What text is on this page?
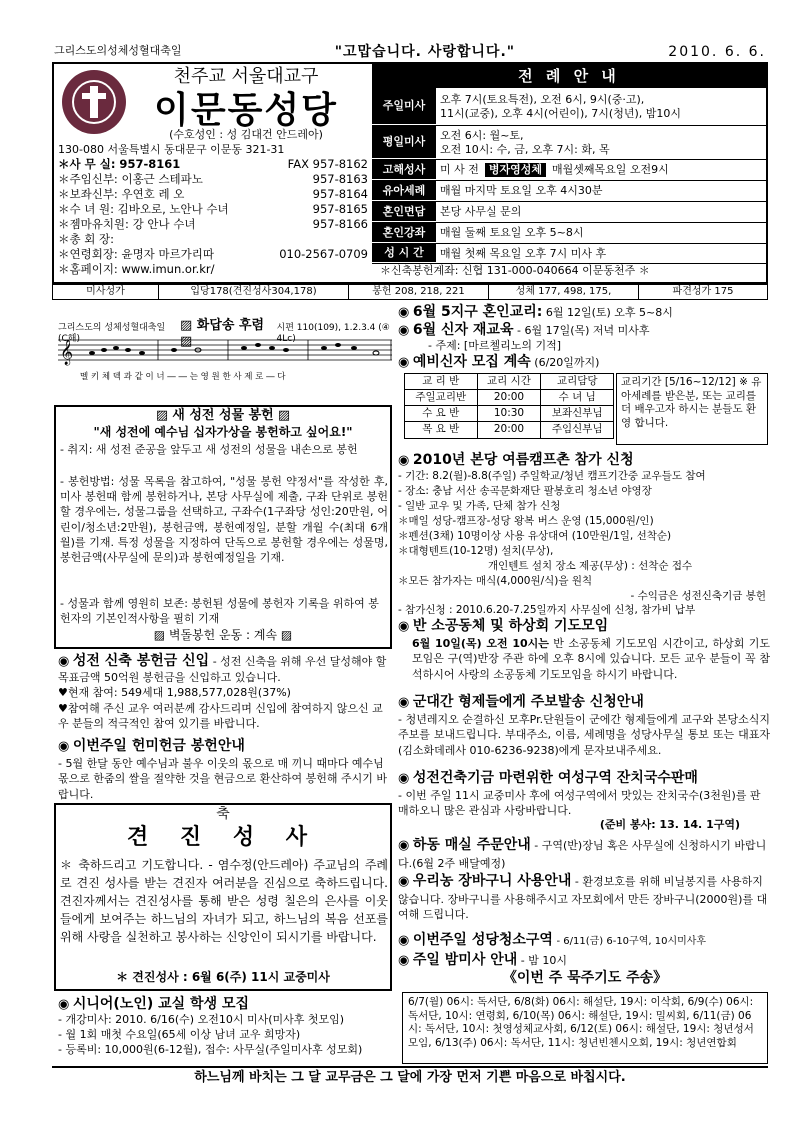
그리스도의성체성혈대축일	"고맙습니다. 사랑합니다."	2010. 6. 6.
천주교 서울대교구
이문동성당
(수호성인 : 성 김대건 안드레아)
130-080 서울특별시 동대문구 이문동 321-31
＊사 무 실: 957-8161	FAX 957-8162
＊주임신부: 이홍근 스테파노	957-8163
＊보좌신부: 우연호 레 오	957-8164
＊수 녀 원: 김바오로, 노안나 수녀	957-8165
＊젬마유치원: 강 안나 수녀	957-8166
＊총 회 장:
＊연령회장: 윤명자 마르가리따	010-2567-0709
＊홈페이지: www.imun.or.kr/
전 례 안 내
주일미사	오후 7시(토요특전), 오전 6시, 9시(중·고),
11시(교중), 오후 4시(어린이), 7시(청년), 밤10시
평일미사	오전 6시: 월~토,
오전 10시: 수, 금, 오후 7시: 화, 목
고해성사	미 사 전 병자영성체 매월셋째목요일 오전9시
유아세례	매월 마지막 토요일 오후 4시30분
혼인면담	본당 사무실 문의
혼인강좌	매월 둘째 토요일 오후 5~8시
성 시 간	매월 첫째 목요일 오후 7시 미사 후
＊신축봉헌계좌: 신협 131-000-040664 이문동천주 ＊
미사성가	입당178(견진성사304,178)	봉헌 208, 218, 221	성체 177, 498, 175,	파견성가 175
그리스도의 성체성혈대축일(C해)
▨ 화답송 후렴 ▨
시편 110(109), 1.2.3.4 (④ 4Lc)
𝄞
멜 키 체 덱 과 같 이 너 ― ― 는 영 원 한 사 제 로 ― 다
▨ 새 성전 성물 봉헌 ▨
"새 성전에 예수님 십자가상을 봉헌하고 싶어요!"
- 취지: 새 성전 준공을 앞두고 새 성전의 성물을 내손으로 봉헌
- 봉헌방법: 성물 목록을 참고하여, "성물 봉헌 약정서"를 작성한 후, 미사 봉헌때 함께 봉헌하거나, 본당 사무실에 제출, 구좌 단위로 봉헌할 경우에는, 성물그룹을 선택하고, 구좌수(1구좌당 성인:20만원, 어린이/청소년:2만원), 봉헌금액, 봉헌예정일, 분할 개월 수(최대 6개월)를 기재. 특정 성물을 지정하여 단독으로 봉헌할 경우에는 성물명, 봉헌금액(사무실에 문의)과 봉헌예정일을 기재.
- 성물과 함께 영원히 보존: 봉헌된 성물에 봉헌자 기록을 위하여 봉헌자의 기본인적사항을 필히 기재
▨ 벽돌봉헌 운동 : 계속 ▨
◉ 성전 신축 봉헌금 신입 - 성전 신축을 위해 우선 달성해야 할 목표금액 50억원 봉헌금을 신입하고 있습니다.
♥현재 참여: 549세대 1,988,577,028원(37%)
♥참여해 주신 교우 여러분께 감사드리며 신입에 참여하지 않으신 교우 분들의 적극적인 참여 있기를 바랍니다.
◉ 이번주일 헌미헌금 봉헌안내
- 5월 한달 동안 예수님과 불우 이웃의 몫으로 매 끼니 때마다 예수님 몫으로 한줌의 쌀을 절약한 것을 현금으로 환산하여 봉헌해 주시기 바랍니다.
축
견 진 성 사
＊ 축하드리고 기도합니다. - 염수정(안드레아) 주교님의 주례로 견진 성사를 받는 견진자 여러분을 진심으로 축하드립니다. 견진자께서는 견진성사를 통해 받은 성령 칠은의 은사를 이웃들에게 보여주는 하느님의 자녀가 되고, 하느님의 복음 선포를 위해 사랑을 실천하고 봉사하는 신앙인이 되시기를 바랍니다.
＊ 견진성사 : 6월 6(주) 11시 교중미사
◉ 시니어(노인) 교실 학생 모집
- 개강미사: 2010. 6/16(수) 오전10시 미사(미사후 첫모임)
- 월 1회 매첫 수요일(65세 이상 남녀 교우 희망자)
- 등록비: 10,000원(6-12월), 접수: 사무실(주일미사후 성모회)
◉ 6월 5지구 혼인교리: 6월 12일(토) 오후 5~8시
◉ 6월 신자 재교육 - 6월 17일(목) 저녁 미사후
- 주제: [마르첼리노의 기적]
◉ 예비신자 모집 계속 (6/20일까지)
교 리 반	교리 시간	교리담당
주일교리반	20:00	수 녀 님
수 요 반	10:30	보좌신부님
목 요 반	20:00	주임신부님
교리기간 [5/16~12/12] ※ 유아세례를 받은분, 또는 교리를 더 배우고자 하시는 분들도 환영 합니다.
◉ 2010년 본당 여름캠프촌 참가 신청
- 기간: 8.2(월)-8.8(주일) 주일학교/청년 캠프기간중 교우들도 참여
- 장소: 충남 서산 송곡문화재단 팔봉호리 청소년 야영장
- 일반 교우 및 가족, 단체 참가 신청
＊매일 성당-캠프장-성당 왕복 버스 운영 (15,000원/인)
＊펜션(3채) 10명이상 사용 유상대여 (10만원/1일, 선착순)
＊대형텐트(10-12명) 설치(무상),
개인텐트 설치 장소 제공(무상) : 선착순 접수
＊모든 참가자는 매식(4,000원/식)을 원칙
- 수익금은 성전신축기금 봉헌
- 참가신청 : 2010.6.20-7.25일까지 사무실에 신청, 참가비 납부
◉ 반 소공동체 및 하상회 기도모임
6월 10일(목) 오전 10시는 반 소공동체 기도모임 시간이고, 하상회 기도모임은 구(역)반장 주관 하에 오후 8시에 있습니다. 모든 교우 분들이 꼭 참석하시어 사랑의 소공동체 기도모임을 하시기 바랍니다.
◉ 군대간 형제들에게 주보발송 신청안내
- 청년레지오 순결하신 모후Pr.단원들이 군에간 형제들에게 교구와 본당소식지 주보를 보내드립니다. 부대주소, 이름, 세례명을 성당사무실 통보 또는 대표자(김소화데레사 010-6236-9238)에게 문자보내주세요.
◉ 성전건축기금 마련위한 여성구역 잔치국수판매
- 이번 주일 11시 교중미사 후에 여성구역에서 맛있는 잔치국수(3천원)를 판매하오니 많은 관심과 사랑바랍니다.
(준비 봉사: 13. 14. 1구역)
◉ 하동 매실 주문안내 - 구역(반)장님 혹은 사무실에 신청하시기 바랍니다.(6월 2주 배달예정)
◉ 우리농 장바구니 사용안내 - 환경보호를 위해 비닐봉지를 사용하지 않습니다. 장바구니를 사용해주시고 자모회에서 만든 장바구니(2000원)를 대여해 드립니다.
◉ 이번주일 성당청소구역 - 6/11(금) 6-10구역, 10시미사후
◉ 주일 밤미사 안내 - 밤 10시
《이번 주 묵주기도 주송》
6/7(월) 06시: 독서단, 6/8(화) 06시: 해설단, 19시: 이삭회, 6/9(수) 06시: 독서단, 10시: 연령회, 6/10(목) 06시: 해설단, 19시: 밀씨회, 6/11(금) 06시: 독서단, 10시: 첫영성체교사회, 6/12(토) 06시: 해설단, 19시: 청년성서모임, 6/13(주) 06시: 독서단, 11시: 청년빈첸시오회, 19시: 청년연합회
하느님께 바치는 그 달 교무금은 그 달에 가장 먼저 기쁜 마음으로 바칩시다.
